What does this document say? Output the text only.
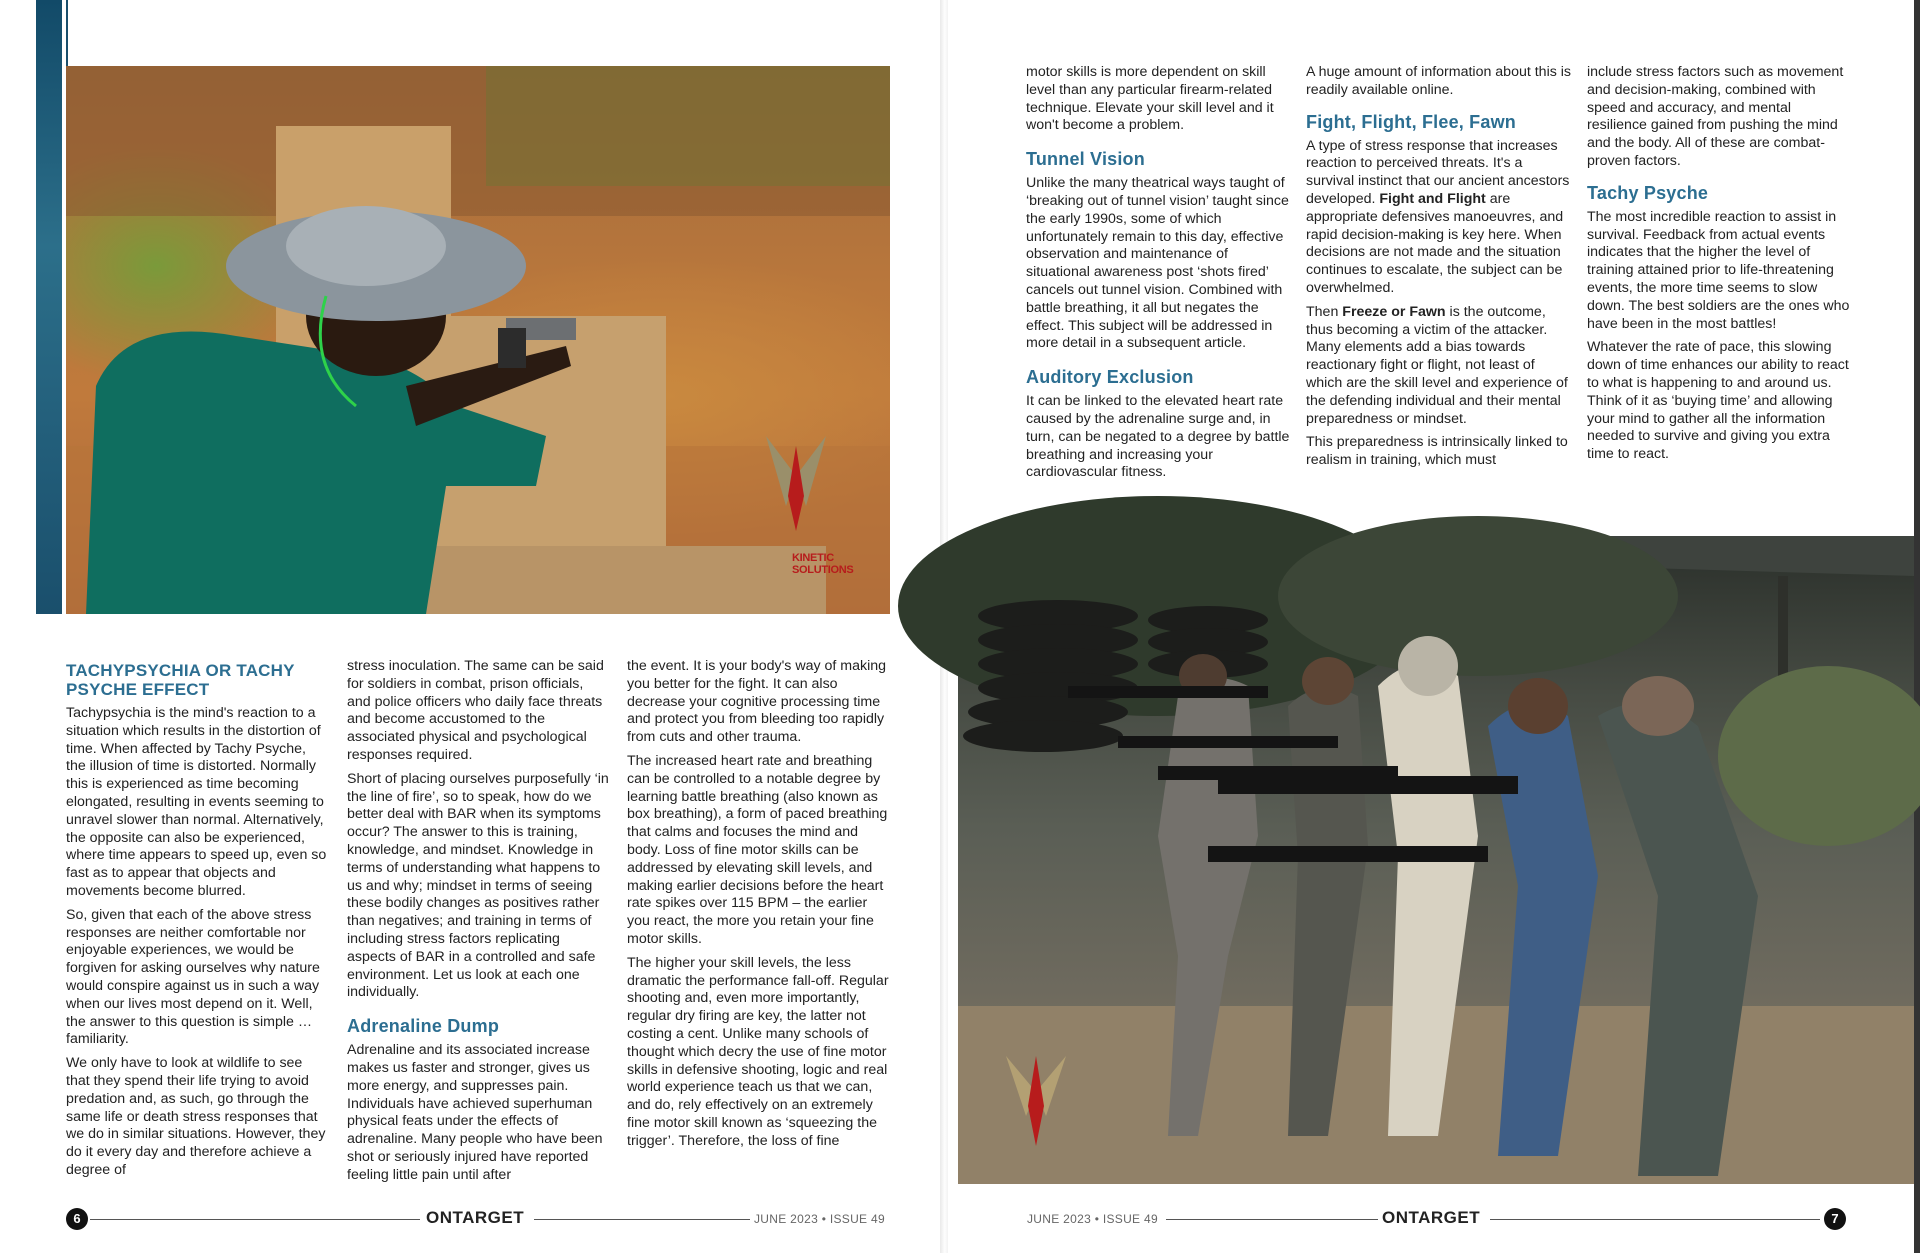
KINETIC SOLUTIONS
TACHYPSYCHIA OR TACHY PSYCHE EFFECT

Tachypsychia is the mind's reaction to a situation which results in the distortion of time. When affected by Tachy Psyche, the illusion of time is distorted. Normally this is experienced as time becoming elongated, resulting in events seeming to unravel slower than normal. Alternatively, the opposite can also be experienced, where time appears to speed up, even so fast as to appear that objects and movements become blurred.

So, given that each of the above stress responses are neither comfortable nor enjoyable experiences, we would be forgiven for asking ourselves why nature would conspire against us in such a way when our lives most depend on it. Well, the answer to this question is simple … familiarity.

We only have to look at wildlife to see that they spend their life trying to avoid predation and, as such, go through the same life or death stress responses that we do in similar situations. However, they do it every day and therefore achieve a degree of

stress inoculation. The same can be said for soldiers in combat, prison officials, and police officers who daily face threats and become accustomed to the associated physical and psychological responses required.

Short of placing ourselves purposefully ‘in the line of fire’, so to speak, how do we better deal with BAR when its symptoms occur? The answer to this is training, knowledge, and mindset. Knowledge in terms of understanding what happens to us and why; mindset in terms of seeing these bodily changes as positives rather than negatives; and training in terms of including stress factors replicating aspects of BAR in a controlled and safe environment. Let us look at each one individually.

Adrenaline Dump

Adrenaline and its associated increase makes us faster and stronger, gives us more energy, and suppresses pain. Individuals have achieved superhuman physical feats under the effects of adrenaline. Many people who have been shot or seriously injured have reported feeling little pain until after

the event. It is your body's way of making you better for the fight. It can also decrease your cognitive processing time and protect you from bleeding too rapidly from cuts and other trauma.

The increased heart rate and breathing can be controlled to a notable degree by learning battle breathing (also known as box breathing), a form of paced breathing that calms and focuses the mind and body. Loss of fine motor skills can be addressed by elevating skill levels, and making earlier decisions before the heart rate spikes over 115 BPM – the earlier you react, the more you retain your fine motor skills.

The higher your skill levels, the less dramatic the performance fall-off. Regular shooting and, even more importantly, regular dry firing are key, the latter not costing a cent. Unlike many schools of thought which decry the use of fine motor skills in defensive shooting, logic and real world experience teach us that we can, and do, rely effectively on an extremely fine motor skill known as ‘squeezing the trigger’. Therefore, the loss of fine

motor skills is more dependent on skill level than any particular firearm-related technique. Elevate your skill level and it won't become a problem.

Tunnel Vision

Unlike the many theatrical ways taught of ‘breaking out of tunnel vision’ taught since the early 1990s, some of which unfortunately remain to this day, effective observation and maintenance of situational awareness post ‘shots fired’ cancels out tunnel vision. Combined with battle breathing, it all but negates the effect. This subject will be addressed in more detail in a subsequent article.

Auditory Exclusion

It can be linked to the elevated heart rate caused by the adrenaline surge and, in turn, can be negated to a degree by battle breathing and increasing your cardiovascular fitness.

A huge amount of information about this is readily available online.

Fight, Flight, Flee, Fawn

A type of stress response that increases reaction to perceived threats. It's a survival instinct that our ancient ancestors developed. Fight and Flight are appropriate defensives manoeuvres, and rapid decision-making is key here. When decisions are not made and the situation continues to escalate, the subject can be overwhelmed.

Then Freeze or Fawn is the outcome, thus becoming a victim of the attacker. Many elements add a bias towards reactionary fight or flight, not least of which are the skill level and experience of the defending individual and their mental preparedness or mindset.

This preparedness is intrinsically linked to realism in training, which must

include stress factors such as movement and decision-making, combined with speed and accuracy, and mental resilience gained from pushing the mind and the body. All of these are combat-proven factors.

Tachy Psyche

The most incredible reaction to assist in survival. Feedback from actual events indicates that the higher the level of training attained prior to life-threatening events, the more time seems to slow down. The best soldiers are the ones who have been in the most battles!

Whatever the rate of pace, this slowing down of time enhances our ability to react to what is happening to and around us. Think of it as ‘buying time’ and allowing your mind to gather all the information needed to survive and giving you extra time to react.

6	ONTARGET	JUNE 2023 • ISSUE 49	JUNE 2023 • ISSUE 49	ONTARGET	7
